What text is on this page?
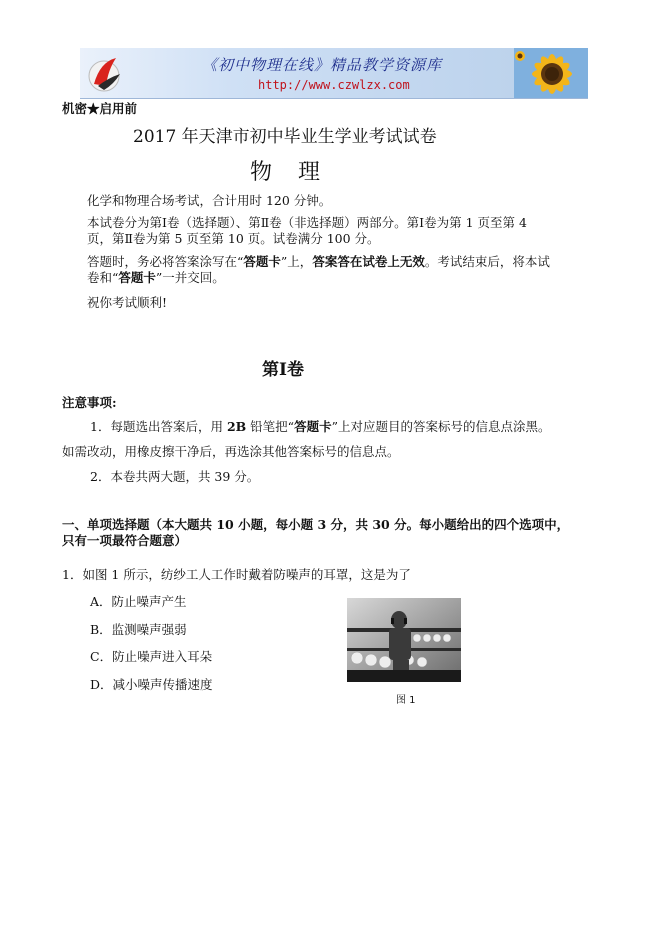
《初中物理在线》精品教学资源库
http://www.czwlzx.com
机密★启用前
2017 年天津市初中毕业生学业考试试卷
物　理
化学和物理合场考试，合计用时 120 分钟。
本试卷分为第Ⅰ卷（选择题）、第Ⅱ卷（非选择题）两部分。第Ⅰ卷为第 1 页至第 4
页，第Ⅱ卷为第 5 页至第 10 页。试卷满分 100 分。
答题时，务必将答案涂写在“答题卡”上，答案答在试卷上无效。考试结束后，将本试
卷和“答题卡”一并交回。
祝你考试顺利!
第Ⅰ卷
注意事项:
1．每题选出答案后，用 2B 铅笔把“答题卡”上对应题目的答案标号的信息点涂黑。
如需改动，用橡皮擦干净后，再选涂其他答案标号的信息点。
2．本卷共两大题，共 39 分。
一、单项选择题（本大题共 10 小题，每小题 3 分，共 30 分。每小题给出的四个选项中，
只有一项最符合题意）
1．如图 1 所示，纺纱工人工作时戴着防噪声的耳罩，这是为了
A．防止噪声产生
B．监测噪声强弱
C．防止噪声进入耳朵
D．减小噪声传播速度
图 1
